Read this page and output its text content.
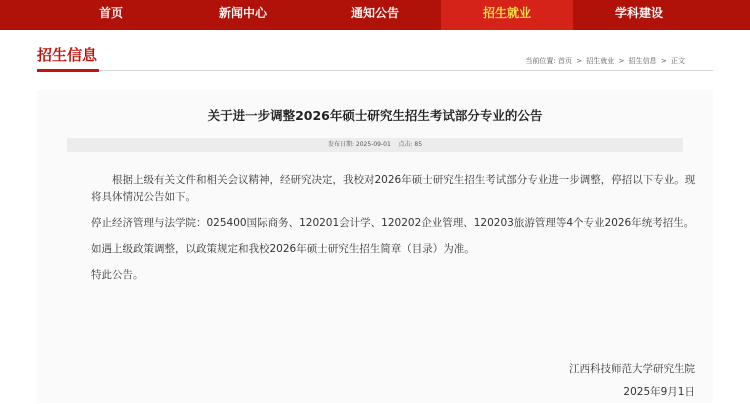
首页	新闻中心	通知公告	招生就业	学科建设
招生信息	当前位置: 首页 > 招生就业 > 招生信息 > 正文
关于进一步调整2026年硕士研究生招生考试部分专业的公告
发布日期: 2025-09-01 点击: 85

根据上级有关文件和相关会议精神，经研究决定，我校对2026年硕士研究生招生考试部分专业进一步调整，停招以下专业。现将具体情况公告如下。

停止经济管理与法学院：025400国际商务、120201会计学、120202企业管理、120203旅游管理等4个专业2026年统考招生。

如遇上级政策调整，以政策规定和我校2026年硕士研究生招生简章（目录）为准。

特此公告。

江西科技师范大学研究生院
2025年9月1日
